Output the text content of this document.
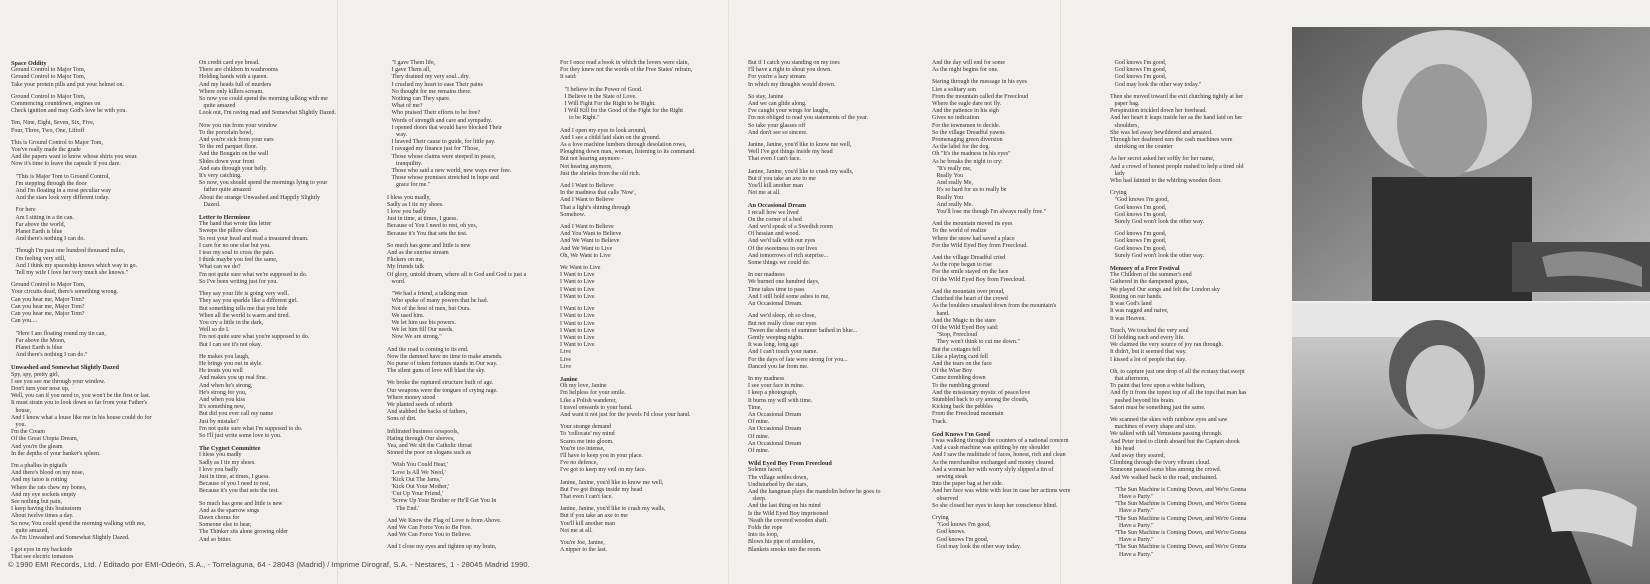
Space Oddity

Ground Control to Major Tom,

Ground Control to Major Tom,

Take your protein pills and put your helmet on.

Ground Control to Major Tom,

Commencing countdown, engines on

Check ignition and may God's love be with you.

Ten, Nine, Eight, Seven, Six, Five,

Four, Three, Two, One, Liftoff

This is Ground Control to Major Tom,

You've really made the grade

And the papers want to know whose shirts you wear.

Now it's time to leave the capsule if you dare.

"This is Major Tom to Ground Control,

I'm stepping through the door

And I'm floating in a most peculiar way

And the stars look very different today.

For here

Am I sitting in a tin can.

Far above the world,

Planet Earth is blue

And there's nothing I can do.

Though I'm past one hundred thousand miles,

I'm feeling very still,

And I think my spaceship knows which way to go.

Tell my wife I love her very much she knows."

Ground Control to Major Tom,

Your circuits dead, there's something wrong.

Can you hear me, Major Tom?

Can you hear me, Major Tom?

Can you hear me, Major Tom?

Can you....

"Here I am floating round my tin can,

Far above the Moon,

Planet Earth is blue

And there's nothing I can do."

Unwashed and Somewhat Slightly Dazed

Spy, spy, pretty girl,

I see you see me through your window.

Don't turn your nose up,

Well, you can if you need to, you won't be the first or last.

It must strain you to look down so far from your Father's

house,

And I know what a louse like me in his house could do for

you.

I'm the Cream

Of the Great Utopia Dream,

And you're the gleam

In the depths of your banker's spleen.

I'm a phallus in pigtails

And there's blood on my nose,

And my tatoo is rotting

Where the rats chew my bones,

And my eye sockets empty

See nothing but pain,

I keep having this brainstorm

About twelve times a day.

So now, You could spend the morning walking with me,

quite amazed,

As I'm Unwashed and Somewhat Slightly Dazed.

I got eyes in my backside

That see electric tomatoes

On credit card eye bread.

There are children in washrooms

Holding hands with a queen.

And my heads full of murders

Where only killers scream.

So now you could spend the morning talking with me

quite amazed

Look out, I'm raving mad and Somewhat Slightly Dazed.

Now you run from your window

To the porcelain bowl,

And you're sick from your ears

To the red parquet floor.

And the Bougain on the wall

Slides down your front

And eats through your belly.

It's very catching.

So now, you should spend the mornings lying to your

father quite amazed

About the strange Unwashed and Happily Slightly

Dazed.

Letter to Hermione

The hand that wrote this letter

Sweeps the pillow clean.

So rest your head and read a treasured dream.

I care for no one else but you.

I tear my soul to cross the pain.

I think maybe you feel the same,

What can we do?

I'm not quite sure what we're supposed to do.

So I've been writing just for you.

They say your life is going very well.

They say you sparkle like a different girl.

But something tells me that you hide

When all the world is warm and tired.

You cry a little in the dark,

Well so do I.

I'm not quite sure what you're supposed to do.

But I can see it's not okay.

He makes you laugh,

He brings you out in style.

He treats you well

And makes you up real fine.

And when he's strong,

He's strong for you,

And when you kiss

It's something new,

But did you ever call my name

Just by mistake?

I'm not quite sure what I'm supposed to do.

So I'll just write some love to you.

The Cygnet Committee

I bless you madly

Sadly as I tie my shoes.

I love you badly

Just in time, at times, I guess.

Because of you I need to rest,

Because it's you that sets the test.

So much has gone and little is new

And as the sparrow sings

Dawn chorus for

Someone else to hear,

The Thinker sits alone growing older

And so bitter.

"I gave Them life,

I gave Them all,

They drained my very soul...dry.

I crushed my heart to ease Their pains

No thought for me remains there.

Nothing can They spare.

What of me?

Who praised Their efforts to be free?

Words of strength and care and sympathy.

I opened doors that would have blocked Their

way.

I braved Their cause to guide, for little pay.

I ravaged my finance just for 'Those,

Those whose claims were steeped in peace,

tranquility.

Those who said a new world, new ways ever free.

Those whose promises stretched in hope and

grace for me."

I bless you madly,

Sadly as I tie my shoes.

I love you badly

Just in time, at times, I guess.

Because of You I need to rest, oh yes,

Because it's You that sets the test.

So much has gone and little is new

And as the sunrise stream

Flickers on me,

My friends talk

Of glory, untold dream, where all is God and God is just a

word.

"We had a friend, a talking man

Who spoke of many powers that he had.

Not of the best of men, but Ours.

We used him.

We let him use his powers.

We let him fill Our needs.

Now We are strong."

And the road is coming to its end.

Now the damned have no time to make amends.

No purse of token fortunes stands in Our way.

The silent guns of love will blast the sky.

We broke the ruptured structure built of age.

Our weapons were the tongues of crying rage.

Where money stood

We planted seeds of rebirth

And stabbed the backs of fathers,

Sons of dirt.

Infiltrated business cesspools,

Hating through Our sleeves,

Yea, and We slit the Catholic throat

Stoned the poor on slogans such as

'Wish You Could Hear,'

'Love Is All We Need,'

'Kick Out The Jams,'

'Kick Out Your Mother,'

'Cut Up Your Friend,'

'Screw Up Your Brother or He'll Get You In

The End.'

And We Know the Flag of Love is from Above.

And We Can Force You to Be Free.

And We Can Force You to Believe.

And I close my eyes and tighten up my brain,

For I once read a book in which the lovers were slain,

For they knew not the words of the Free States' refrain,

It said:

"I believe in the Power of Good.

I Believe in the State of Love.

I Will Fight For the Right to be Right.

I Will Kill for the Good of the Fight for the Right

to be Right."

And I open my eyes to look around,

And I see a child laid slain on the ground.

As a love machine lumbers through desolation rows,

Ploughing down man, woman, listening to its command.

But not hearing anymore -

Not hearing anymore,

Just the shrieks from the old rich.

And I Want to Believe

In the madness that calls 'Now',

And I Want to Believe

That a light's shining through

Somehow.

And I Want to Believe

And You Want to Believe

And We Want to Believe

And We Want to Live

Oh, We Want to Live

We Want to Live

I Want to Live

I Want to Live

I Want to Live

I Want to Live

I Want to Live

I Want to Live

I Want to Live

I Want to Live

I Want to Live

I Want to Live

Live

Live

Live

Janine

Oh my love, Janine

I'm helpless for your smile.

Like a Polish wanderer,

I travel onwards to your hand.

And want it not just for the jewels I'd close your hand.

Your strange demand

To 'collocate' my mind

Scares me into gloom.

You're too intense,

I'll have to keep you in your place.

I've no defence,

I've got to keep my veil on my face.

Janine, Janine, you'd like to know me well,

But I've got things inside my head

That even I can't face.

Janine, Janine, you'd like to crash my walls,

But if you take an axe to me

You'll kill another man

Not me at all.

You're Joe, Janine,

A nipper to the last.

But if I catch you standing on my toes

I'll have a right to shout you down.

For you're a lazy stream

In which my thoughts would drown.

So stay, Janine

And we can glide along.

I've caught your wings for laughs,

I'm not obliged to read you statements of the year.

So take your glasses off

And don't see so sincere.

Janine, Janine, you'd like to know me well,

Well I've got things inside my head

That even I can't face.

Janine, Janine, you'd like to crash my walls,

But if you take an axe to me

You'll kill another man

Not me at all.

An Occasional Dream

I recall how we lived

On the corner of a bed

And we'd speak of a Swedish room

Of hessian and wood.

And we'd talk with our eyes

Of the sweetness in our lives

And tomorrows of rich surprise...

Some things we could do.

In our madness

We burned one hundred days,

Time takes time to pass

And I still hold some ashes to me,

An Occasional Dream.

And we'd sleep, oh so close,

But not really close our eyes

'Tween the sheets of summer bathed in blue...

Gently weeping nights.

It was long, long ago

And I can't touch your name.

For the days of fate were strong for you...

Danced you far from me.

In my madness

I see your face in mine.

I keep a photograph,

It burns my will with time.

Time,

An Occasional Dream

Of mine.

An Occasional Dream

Of mine.

An Occasional Dream

Of mine.

Wild Eyed Boy From Freecloud

Solemn faced,

The village settles down,

Undisturbed by the stars,

And the hangman plays the mandolin before he goes to

sleep.

And the last thing on his mind

Is the Wild Eyed Boy imprisoned

'Neath the covered wooden shaft.

Folds the rope

Into its loop,

Blows his pipe of smolders,

Blankets smoke into the room.

And the day will end for some

As the night begins for one.

Staring through the message in his eyes

Lies a solitary son

From the mountain called the Freecloud

Where the eagle dare not fly.

And the patience in his sigh

Gives no indication

For the townsmen to decide.

So the village Dreadful yawns

Promenaging green diversion

As the label for the dog.

Oh "It's the madness in his eyes"

As he breaks the night to cry:

"It's really me,

Really You

And really Me,

It's so hard for us to really be

Really You

And really Me.

You'll lose me though I'm always really free."

And the mountain moved its eyes

To the world of realize

Where the snow had saved a place

For the Wild Eyed Boy from Freecloud.

And the village Dreadful cried

As the rope began to rise

For the smile stayed on the face

Of the Wild Eyed Boy from Freecloud.

And the mountain over proud,

Clutched the heart of the crowd

As the boulders smashed down from the mountain's

hand.

And the Magic in the stare

Of the Wild Eyed Boy said:

"Stop, Freecloud

They won't think to cut me down."

But the cottages fell

Like a playing card fell

And the tears on the face

Of the Wise Boy

Came trembling down

To the rumbling ground

And the missionary mystic of peace/love

Stumbled back to cry among the clouds,

Kicking back the pebbles

From the Freecloud mountain

Track.

God Knows I'm Good

I was walking through the counters of a national concern

And a cash machine was spitting by my shoulder

And I saw the multitude of faces, honest, rich and clean

As the merchandise exchanged and money cleared.

And a woman her with worry slyly slipped a tin of

sewing steak

Into the paper bag at her side.

And her face was white with fear in case her actions were

observed

So she closed her eyes to keep her conscience blind.

Crying

"God knows I'm good,

God knows.

God knows I'm good,

God may look the other way today.

God knows I'm good,

God knows I'm good,

God knows I'm good,

God may look the other way today."

Then she moved toward the exit clutching tightly at her

paper bag.

Perspiration trickled down her forehead.

And her heart it leaps inside her as the hand laid on her

shoulders,

She was led away bewildered and amazed.

Through her deafened ears the cash machines were

shrieking on the counter

As her secret asked her softly for her name,

And a crowd of honest people rushed to help a tired old

lady

Who had fainted to the whirling wooden floor.

Crying

"God knows I'm good,

God knows I'm good,

God knows I'm good,

Surely God won't look the other way.

God knows I'm good,

God knows I'm good,

God knows I'm good,

Surely God won't look the other way.

Memory of a Free Festival

The Children of the summer's end

Gathered in the dampened grass,

We played Our songs and felt the London sky

Resting on our hands.

It was God's land

It was ragged and naive,

It was Heaven.

Touch, We touched the very soul

Of holding each and every life.

We claimed the very source of joy ran through.

It didn't, but it seemed that way.

I kissed a lot of people that day.

Oh, to capture just one drop of all the ecstasy that swept

that afternoon,

To paint that love upon a white balloon,

And fly it from the topest top of all the tops that man has

pushed beyond his brain.

Satori must be something just the same.

We scanned the skies with rainbow eyes and saw

machines of every shape and size.

We talked with tall Venusians passing through.

And Peter tried to climb aboard but the Captain shook

his head

And away they soared,

Climbing through the ivory vibrant cloud.

Someone passed some bliss among the crowd.

And We walked back to the road, unchained.

"The Sun Machine is Coming Down, and We're Gonna

Have a Party."

"The Sun Machine is Coming Down, and We're Gonna

Have a Party."

"The Sun Machine is Coming Down, and We're Gonna

Have a Party."

"The Sun Machine is Coming Down, and We're Gonna

Have a Party."

"The Sun Machine is Coming Down, and We're Gonna

Have a Party."

© 1990 EMI Records, Ltd. / Editado por EMI-Odeón, S.A., - Torrelaguna, 64 - 28043 (Madrid) / Imprime Dirograf, S.A. - Nestares, 1 - 28045 Madrid 1990.
